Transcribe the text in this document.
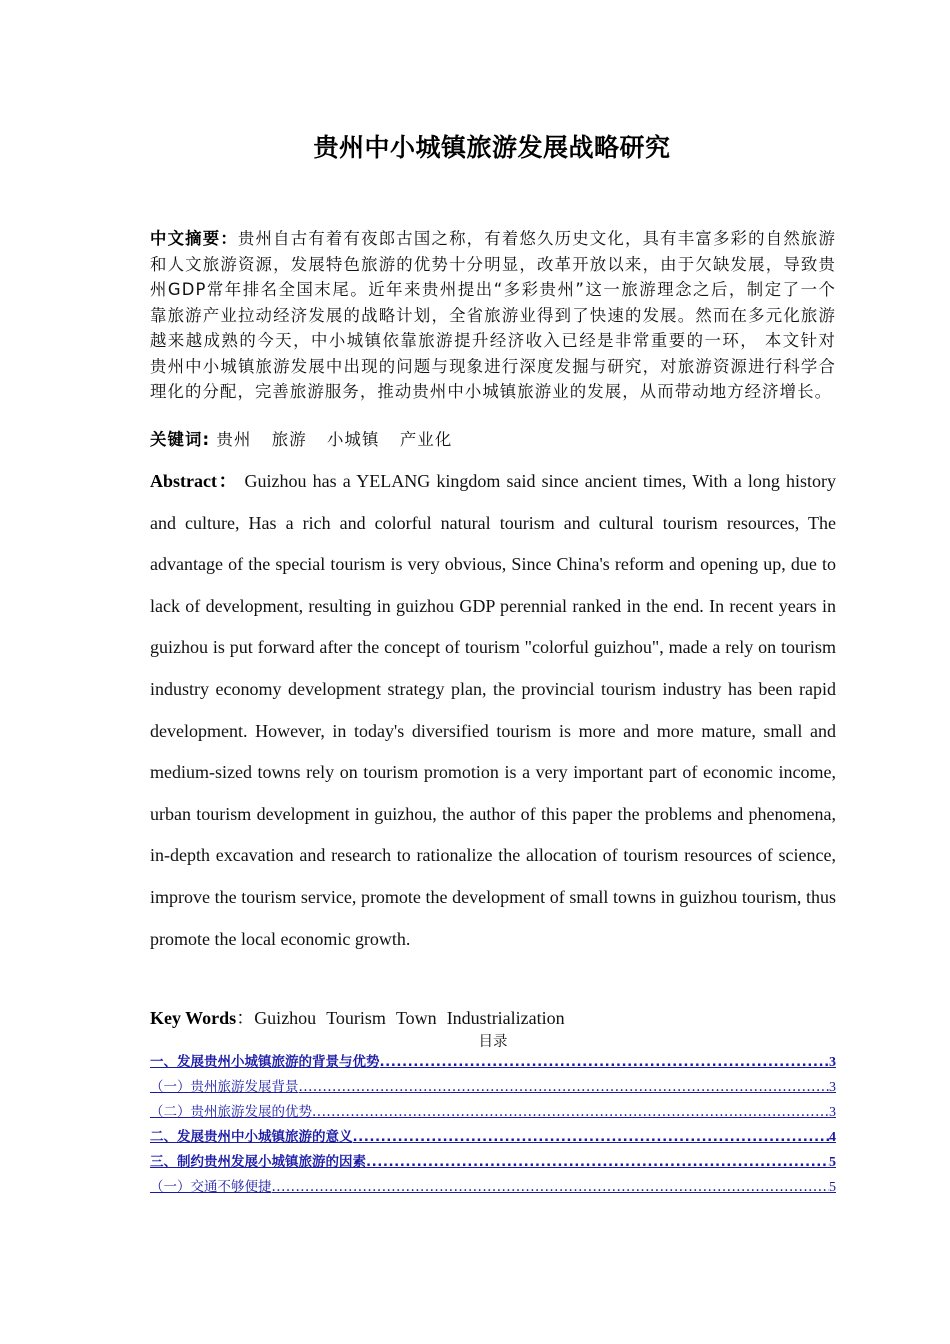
贵州中小城镇旅游发展战略研究
中文摘要：贵州自古有着有夜郎古国之称，有着悠久历史文化，具有丰富多彩的自然旅游和人文旅游资源，发展特色旅游的优势十分明显，改革开放以来，由于欠缺发展，导致贵州GDP常年排名全国末尾。近年来贵州提出“多彩贵州”这一旅游理念之后，制定了一个靠旅游产业拉动经济发展的战略计划，全省旅游业得到了快速的发展。然而在多元化旅游越来越成熟的今天，中小城镇依靠旅游提升经济收入已经是非常重要的一环， 本文针对贵州中小城镇旅游发展中出现的问题与现象进行深度发掘与研究，对旅游资源进行科学合理化的分配，完善旅游服务，推动贵州中小城镇旅游业的发展，从而带动地方经济增长。
关键词: 贵州 旅游 小城镇 产业化
Abstract： Guizhou has a YELANG kingdom said since ancient times, With a long history and culture, Has a rich and colorful natural tourism and cultural tourism resources, The advantage of the special tourism is very obvious, Since China's reform and opening up, due to lack of development, resulting in guizhou GDP perennial ranked in the end. In recent years in guizhou is put forward after the concept of tourism "colorful guizhou", made a rely on tourism industry economy development strategy plan, the provincial tourism industry has been rapid development. However, in today's diversified tourism is more and more mature, small and medium-sized towns rely on tourism promotion is a very important part of economic income, urban tourism development in guizhou, the author of this paper the problems and phenomena, in-depth excavation and research to rationalize the allocation of tourism resources of science, improve the tourism service, promote the development of small towns in guizhou tourism, thus promote the local economic growth.
Key Words：Guizhou Tourism Town Industrialization
目录
一、发展贵州小城镇旅游的背景与优势 .....	3
（一）贵州旅游发展背景 .....	3
（二）贵州旅游发展的优势 .....	3
二、发展贵州中小城镇旅游的意义 .....	4
三、制约贵州发展小城镇旅游的因素 .....	5
（一）交通不够便捷 .....	5
